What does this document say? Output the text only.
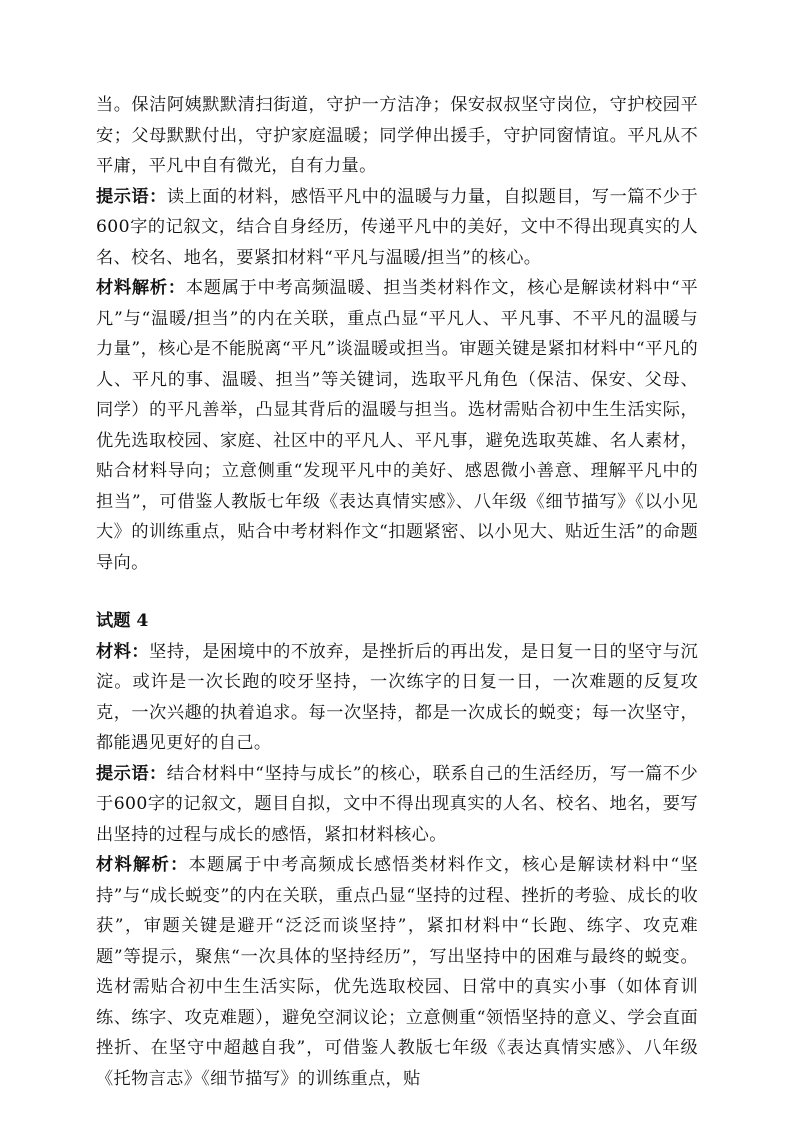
当。保洁阿姨默默清扫街道，守护一方洁净；保安叔叔坚守岗位，守护校园平安；父母默默付出，守护家庭温暖；同学伸出援手，守护同窗情谊。平凡从不平庸，平凡中自有微光，自有力量。

提示语：读上面的材料，感悟平凡中的温暖与力量，自拟题目，写一篇不少于600字的记叙文，结合自身经历，传递平凡中的美好，文中不得出现真实的人名、校名、地名，要紧扣材料“平凡与温暖/担当”的核心。

材料解析：本题属于中考高频温暖、担当类材料作文，核心是解读材料中“平凡”与“温暖/担当”的内在关联，重点凸显“平凡人、平凡事、不平凡的温暖与力量”，核心是不能脱离“平凡”谈温暖或担当。审题关键是紧扣材料中“平凡的人、平凡的事、温暖、担当”等关键词，选取平凡角色（保洁、保安、父母、同学）的平凡善举，凸显其背后的温暖与担当。选材需贴合初中生生活实际，优先选取校园、家庭、社区中的平凡人、平凡事，避免选取英雄、名人素材，贴合材料导向；立意侧重“发现平凡中的美好、感恩微小善意、理解平凡中的担当”，可借鉴人教版七年级《表达真情实感》、八年级《细节描写》《以小见大》的训练重点，贴合中考材料作文“扣题紧密、以小见大、贴近生活”的命题导向。

试题 4

材料：坚持，是困境中的不放弃，是挫折后的再出发，是日复一日的坚守与沉淀。或许是一次长跑的咬牙坚持，一次练字的日复一日，一次难题的反复攻克，一次兴趣的执着追求。每一次坚持，都是一次成长的蜕变；每一次坚守，都能遇见更好的自己。

提示语：结合材料中“坚持与成长”的核心，联系自己的生活经历，写一篇不少于600字的记叙文，题目自拟，文中不得出现真实的人名、校名、地名，要写出坚持的过程与成长的感悟，紧扣材料核心。

材料解析：本题属于中考高频成长感悟类材料作文，核心是解读材料中“坚持”与“成长蜕变”的内在关联，重点凸显“坚持的过程、挫折的考验、成长的收获”，审题关键是避开“泛泛而谈坚持”，紧扣材料中“长跑、练字、攻克难题”等提示，聚焦“一次具体的坚持经历”，写出坚持中的困难与最终的蜕变。选材需贴合初中生生活实际，优先选取校园、日常中的真实小事（如体育训练、练字、攻克难题），避免空洞议论；立意侧重“领悟坚持的意义、学会直面挫折、在坚守中超越自我”，可借鉴人教版七年级《表达真情实感》、八年级《托物言志》《细节描写》的训练重点，贴
